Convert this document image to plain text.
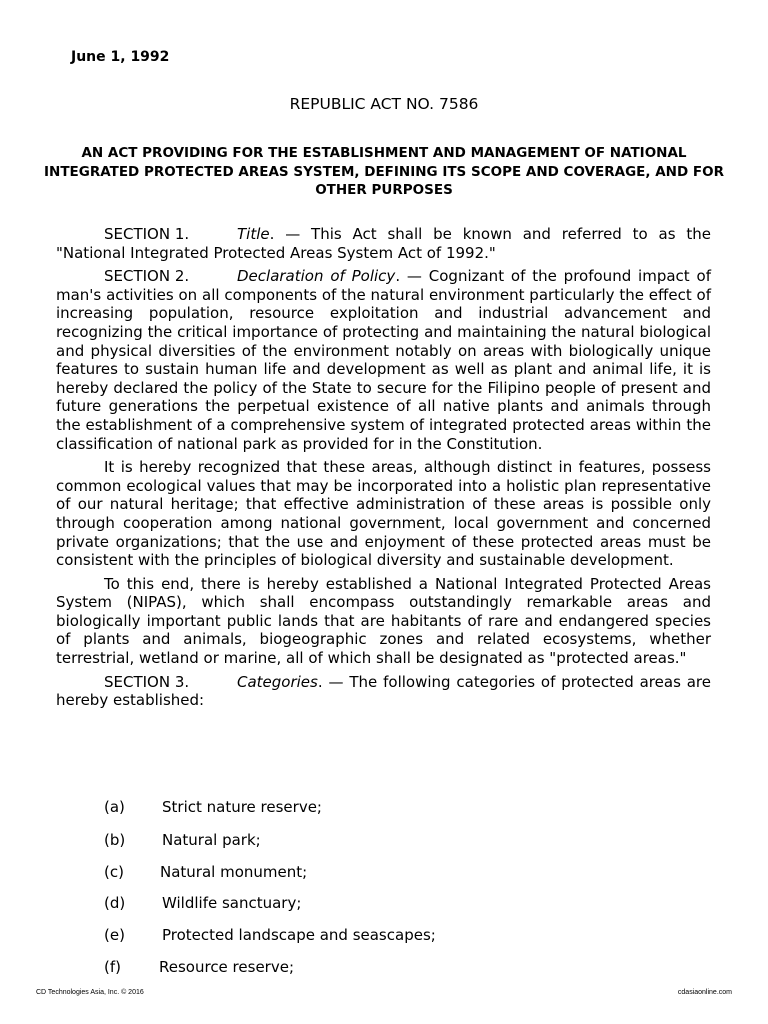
June 1, 1992
REPUBLIC ACT NO. 7586
AN ACT PROVIDING FOR THE ESTABLISHMENT AND MANAGEMENT OF NATIONAL INTEGRATED PROTECTED AREAS SYSTEM, DEFINING ITS SCOPE AND COVERAGE, AND FOR OTHER PURPOSES

SECTION 1.	Title. — This Act shall be known and referred to as the "National Integrated Protected Areas System Act of 1992."

SECTION 2.	Declaration of Policy. — Cognizant of the profound impact of man's activities on all components of the natural environment particularly the effect of increasing population, resource exploitation and industrial advancement and recognizing the critical importance of protecting and maintaining the natural biological and physical diversities of the environment notably on areas with biologically unique features to sustain human life and development as well as plant and animal life, it is hereby declared the policy of the State to secure for the Filipino people of present and future generations the perpetual existence of all native plants and animals through the establishment of a comprehensive system of integrated protected areas within the classification of national park as provided for in the Constitution.

It is hereby recognized that these areas, although distinct in features, possess common ecological values that may be incorporated into a holistic plan representative of our natural heritage; that effective administration of these areas is possible only through cooperation among national government, local government and concerned private organizations; that the use and enjoyment of these protected areas must be consistent with the principles of biological diversity and sustainable development.

To this end, there is hereby established a National Integrated Protected Areas System (NIPAS), which shall encompass outstandingly remarkable areas and biologically important public lands that are habitants of rare and endangered species of plants and animals, biogeographic zones and related ecosystems, whether terrestrial, wetland or marine, all of which shall be designated as "protected areas."

SECTION 3.	Categories. — The following categories of protected areas are hereby established:

(a) Strict nature reserve;
(b) Natural park;
(c) Natural monument;
(d) Wildlife sanctuary;
(e) Protected landscape and seascapes;
(f)	Resource reserve;
CD Technologies Asia, Inc. © 2016	cdasiaonline.com
